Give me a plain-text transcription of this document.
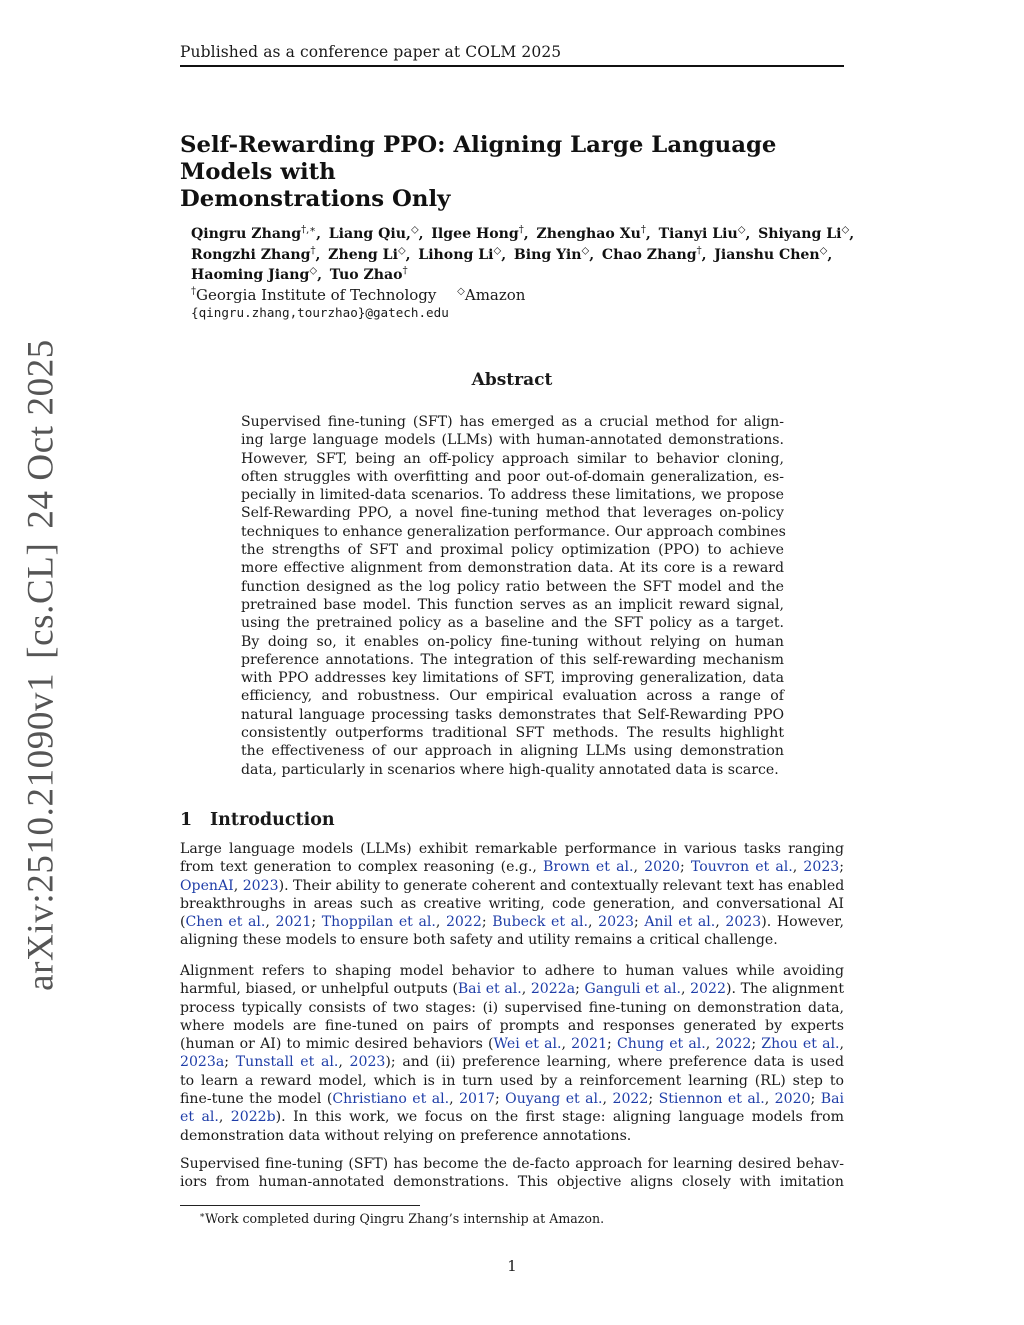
Published as a conference paper at COLM 2025
arXiv:2510.21090v1[cs.CL]24 Oct 2025
Self-Rewarding PPO: Aligning Large Language Models with
Demonstrations Only
Qingru Zhang†,∗,  Liang Qiu,◇,  Ilgee Hong†,  Zhenghao Xu†,  Tianyi Liu◇,  Shiyang Li◇,
Rongzhi Zhang†,  Zheng Li◇,  Lihong Li◇,  Bing Yin◇,  Chao Zhang†,  Jianshu Chen◇,
Haoming Jiang◇,  Tuo Zhao†
†Georgia Institute of Technology ◇Amazon
{qingru.zhang,tourzhao}@gatech.edu
Abstract
Supervised fine-tuning (SFT) has emerged as a crucial method for align-
ing large language models (LLMs) with human-annotated demonstrations.
However, SFT, being an off-policy approach similar to behavior cloning,
often struggles with overfitting and poor out-of-domain generalization, es-
pecially in limited-data scenarios. To address these limitations, we propose
Self-Rewarding PPO, a novel fine-tuning method that leverages on-policy
techniques to enhance generalization performance. Our approach combines
the strengths of SFT and proximal policy optimization (PPO) to achieve
more effective alignment from demonstration data. At its core is a reward
function designed as the log policy ratio between the SFT model and the
pretrained base model. This function serves as an implicit reward signal,
using the pretrained policy as a baseline and the SFT policy as a target.
By doing so, it enables on-policy fine-tuning without relying on human
preference annotations. The integration of this self-rewarding mechanism
with PPO addresses key limitations of SFT, improving generalization, data
efficiency, and robustness. Our empirical evaluation across a range of
natural language processing tasks demonstrates that Self-Rewarding PPO
consistently outperforms traditional SFT methods. The results highlight
the effectiveness of our approach in aligning LLMs using demonstration
data, particularly in scenarios where high-quality annotated data is scarce.
1 Introduction
Large language models (LLMs) exhibit remarkable performance in various tasks ranging
from text generation to complex reasoning (e.g., Brown et al., 2020; Touvron et al., 2023;
OpenAI, 2023). Their ability to generate coherent and contextually relevant text has enabled
breakthroughs in areas such as creative writing, code generation, and conversational AI
(Chen et al., 2021; Thoppilan et al., 2022; Bubeck et al., 2023; Anil et al., 2023). However,
aligning these models to ensure both safety and utility remains a critical challenge.
Alignment refers to shaping model behavior to adhere to human values while avoiding
harmful, biased, or unhelpful outputs (Bai et al., 2022a; Ganguli et al., 2022). The alignment
process typically consists of two stages: (i) supervised fine-tuning on demonstration data,
where models are fine-tuned on pairs of prompts and responses generated by experts
(human or AI) to mimic desired behaviors (Wei et al., 2021; Chung et al., 2022; Zhou et al.,
2023a; Tunstall et al., 2023); and (ii) preference learning, where preference data is used
to learn a reward model, which is in turn used by a reinforcement learning (RL) step to
fine-tune the model (Christiano et al., 2017; Ouyang et al., 2022; Stiennon et al., 2020; Bai
et al., 2022b). In this work, we focus on the first stage: aligning language models from
demonstration data without relying on preference annotations.
Supervised fine-tuning (SFT) has become the de-facto approach for learning desired behav-
iors from human-annotated demonstrations. This objective aligns closely with imitation
∗Work completed during Qingru Zhang’s internship at Amazon.
1
